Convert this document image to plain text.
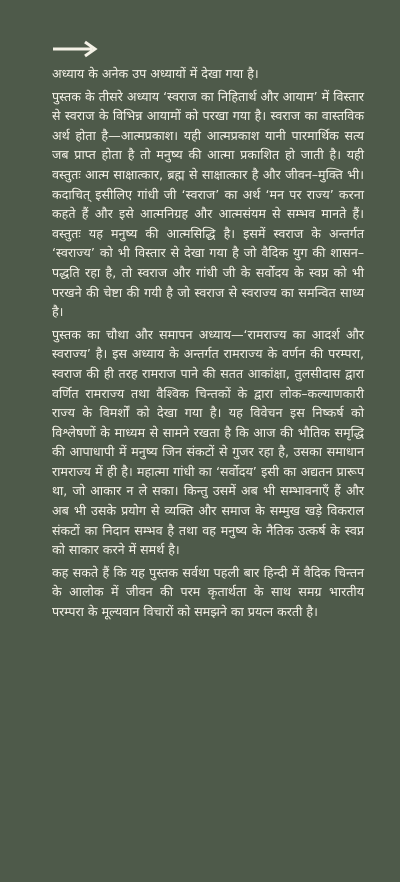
अध्याय के अनेक उप अध्यायों में देखा गया है।

पुस्तक के तीसरे अध्याय ‘स्वराज का निहितार्थ और आयाम’ में विस्तार से स्वराज के विभिन्न आयामों को परखा गया है। स्वराज का वास्तविक अर्थ होता है—आत्मप्रकाश। यही आत्मप्रकाश यानी पारमार्थिक सत्य जब प्राप्त होता है तो मनुष्य की आत्मा प्रकाशित हो जाती है। यही वस्तुतः आत्म साक्षात्कार, ब्रह्म से साक्षात्कार है और जीवन–मुक्ति भी। कदाचित् इसीलिए गांधी जी ‘स्वराज’ का अर्थ ‘मन पर राज्य’ करना कहते हैं और इसे आत्मनिग्रह और आत्मसंयम से सम्भव मानते हैं। वस्तुतः यह मनुष्य की आत्मसिद्धि है। इसमें स्वराज के अन्तर्गत ‘स्वराज्य’ को भी विस्तार से देखा गया है जो वैदिक युग की शासन–पद्धति रहा है, तो स्वराज और गांधी जी के सर्वोदय के स्वप्न को भी परखने की चेष्टा की गयी है जो स्वराज से स्वराज्य का समन्वित साध्य है।

पुस्तक का चौथा और समापन अध्याय—‘रामराज्य का आदर्श और स्वराज्य’ है। इस अध्याय के अन्तर्गत रामराज्य के वर्णन की परम्परा, स्वराज की ही तरह रामराज पाने की सतत आकांक्षा, तुलसीदास द्वारा वर्णित रामराज्य तथा वैश्विक चिन्तकों के द्वारा लोक–कल्याणकारी राज्य के विमर्शों को देखा गया है। यह विवेचन इस निष्कर्ष को विश्लेषणों के माध्यम से सामने रखता है कि आज की भौतिक समृद्धि की आपाधापी में मनुष्य जिन संकटों से गुजर रहा है, उसका समाधान रामराज्य में ही है। महात्मा गांधी का ‘सर्वोदय’ इसी का अद्यतन प्रारूप था, जो आकार न ले सका। किन्तु उसमें अब भी सम्भावनाएँ हैं और अब भी उसके प्रयोग से व्यक्ति और समाज के सम्मुख खड़े विकराल संकटों का निदान सम्भव है तथा वह मनुष्य के नैतिक उत्कर्ष के स्वप्न को साकार करने में समर्थ है।

कह सकते हैं कि यह पुस्तक सर्वथा पहली बार हिन्दी में वैदिक चिन्तन के आलोक में जीवन की परम कृतार्थता के साथ समग्र भारतीय परम्परा के मूल्यवान विचारों को समझने का प्रयत्न करती है।
